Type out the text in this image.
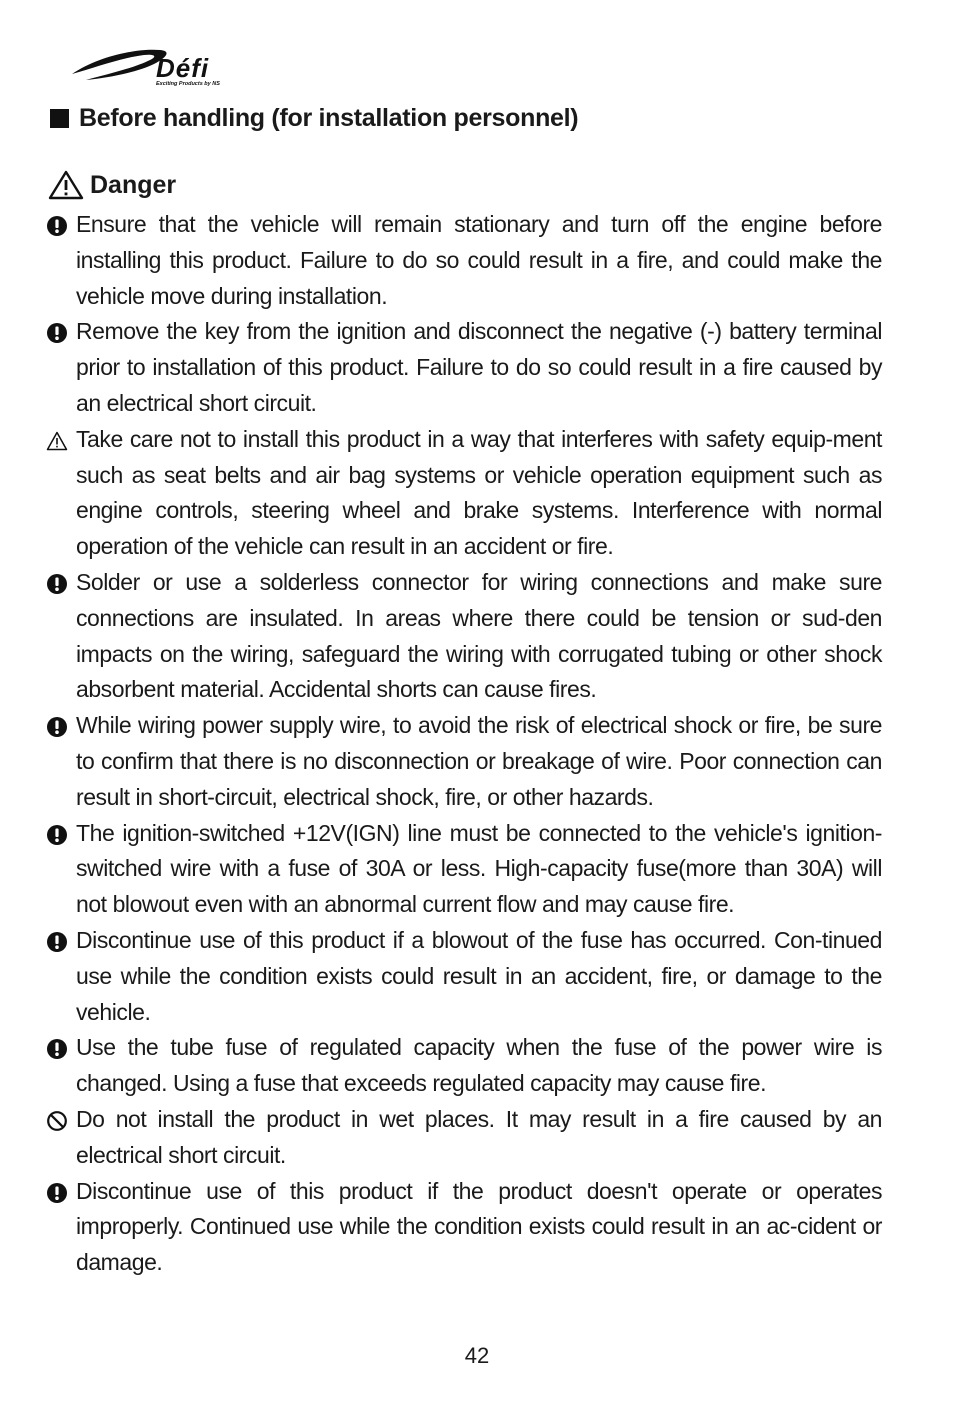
Défi
Exciting Products by NS
Before handling (for installation personnel)
Danger
Ensure that the vehicle will remain stationary and turn off the engine before installing this product. Failure to do so could result in a fire, and could make the vehicle move during installation.
Remove the key from the ignition and disconnect the negative (-) battery terminal prior to installation of this product. Failure to do so could result in a fire caused by an electrical short circuit.
Take care not to install this product in a way that interferes with safety equip-ment such as seat belts and air bag systems or vehicle operation equipment such as engine controls, steering wheel and brake systems. Interference with normal operation of the vehicle can result in an accident or fire.
Solder or use a solderless connector for wiring connections and make sure connections are insulated. In areas where there could be tension or sud-den impacts on the wiring, safeguard the wiring with corrugated tubing or other shock absorbent material. Accidental shorts can cause fires.
While wiring power supply wire, to avoid the risk of electrical shock or fire, be sure to confirm that there is no disconnection or breakage of wire. Poor connection can result in short-circuit, electrical shock, fire, or other hazards.
The ignition-switched +12V(IGN) line must be connected to the vehicle's ignition-switched wire with a fuse of 30A or less. High-capacity fuse(more than 30A) will not blowout even with an abnormal current flow and may cause fire.
Discontinue use of this product if a blowout of the fuse has occurred. Con-tinued use while the condition exists could result in an accident, fire, or damage to the vehicle.
Use the tube fuse of regulated capacity when the fuse of the power wire is changed. Using a fuse that exceeds regulated capacity may cause fire.
Do not install the product in wet places. It may result in a fire caused by an electrical short circuit.
Discontinue use of this product if the product doesn't operate or operates improperly. Continued use while the condition exists could result in an ac-cident or damage.
42
